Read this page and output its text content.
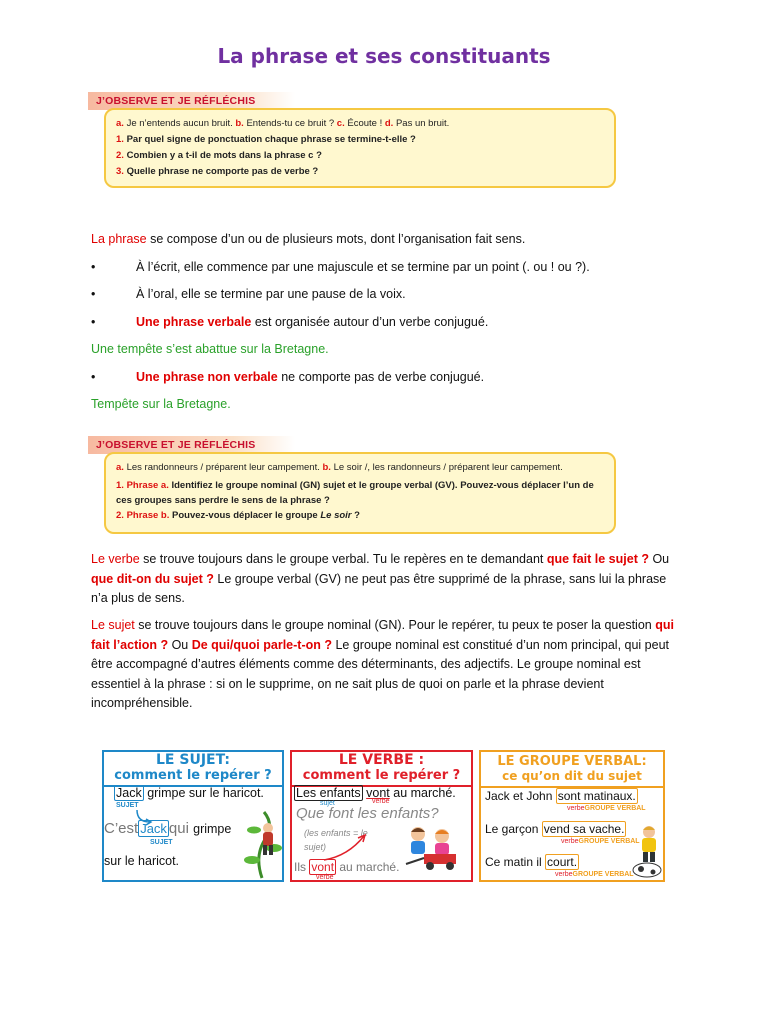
La phrase et ses constituants
J’OBSERVE ET JE RÉFLÉCHIS
a. Je n’entends aucun bruit. b. Entends-tu ce bruit ? c. Écoute ! d. Pas un bruit.
1. Par quel signe de ponctuation chaque phrase se termine-t-elle ?
2. Combien y a t-il de mots dans la phrase c ?
3. Quelle phrase ne comporte pas de verbe ?
La phrase se compose d’un ou de plusieurs mots, dont l’organisation fait sens.
•	À l’écrit, elle commence par une majuscule et se termine par un point (. ou ! ou ?).
•	À l’oral, elle se termine par une pause de la voix.
•	Une phrase verbale est organisée autour d’un verbe conjugué.
Une tempête s’est abattue sur la Bretagne.
•	Une phrase non verbale ne comporte pas de verbe conjugué.
Tempête sur la Bretagne.
J’OBSERVE ET JE RÉFLÉCHIS
a. Les randonneurs / préparent leur campement. b. Le soir /, les randonneurs / préparent leur campement.
1. Phrase a. Identifiez le groupe nominal (GN) sujet et le groupe verbal (GV). Pouvez-vous déplacer l’un de ces groupes sans perdre le sens de la phrase ?
2. Phrase b. Pouvez-vous déplacer le groupe Le soir ?
Le verbe se trouve toujours dans le groupe verbal. Tu le repères en te demandant que fait le sujet ? Ou que dit-on du sujet ? Le groupe verbal (GV) ne peut pas être supprimé de la phrase, sans lui la phrase n’a plus de sens.
Le sujet se trouve toujours dans le groupe nominal (GN). Pour le repérer, tu peux te poser la question qui fait l’action ? Ou De qui/quoi parle-t-on ? Le groupe nominal est constitué d’un nom principal, qui peut être accompagné d’autres éléments comme des déterminants, des adjectifs. Le groupe nominal est essentiel à la phrase : si on le supprime, on ne sait plus de quoi on parle et la phrase devient incompréhensible.
LE SUJET:
comment le repérer ?
Jack grimpe sur le haricot.
SUJET
C’est Jack qui grimpe
SUJET
sur le haricot.
LE VERBE :
comment le repérer ?
Les enfants vont au marché.
sujet	verbe
Que font les enfants?
(les enfants = le sujet)
Ils vont au marché.
verbe
LE GROUPE VERBAL:
ce qu’on dit du sujet
Jack et John sont matinaux.
verbeGROUPE VERBAL
Le garçon vend sa vache.
verbeGROUPE VERBAL
Ce matin il court.
verbeGROUPE VERBAL
